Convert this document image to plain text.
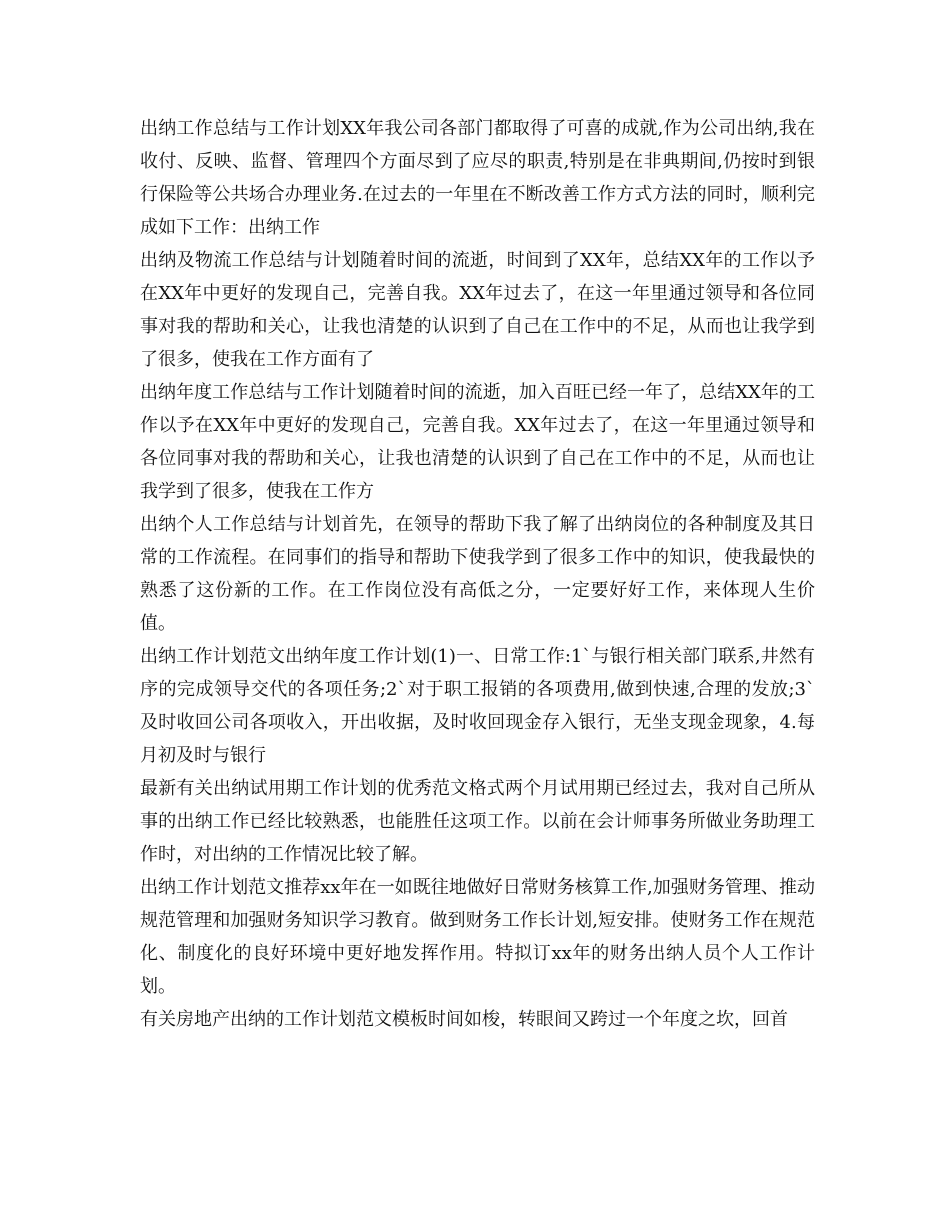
出纳工作总结与工作计划XX年我公司各部门都取得了可喜的成就,作为公司出纳,我在收付、反映、监督、管理四个方面尽到了应尽的职责,特别是在非典期间,仍按时到银行保险等公共场合办理业务.在过去的一年里在不断改善工作方式方法的同时，顺利完成如下工作：出纳工作

出纳及物流工作总结与计划随着时间的流逝，时间到了XX年，总结XX年的工作以予在XX年中更好的发现自己，完善自我。XX年过去了，在这一年里通过领导和各位同事对我的帮助和关心，让我也清楚的认识到了自己在工作中的不足，从而也让我学到了很多，使我在工作方面有了

出纳年度工作总结与工作计划随着时间的流逝，加入百旺已经一年了，总结XX年的工作以予在XX年中更好的发现自己，完善自我。XX年过去了，在这一年里通过领导和各位同事对我的帮助和关心，让我也清楚的认识到了自己在工作中的不足，从而也让我学到了很多，使我在工作方

出纳个人工作总结与计划首先，在领导的帮助下我了解了出纳岗位的各种制度及其日常的工作流程。在同事们的指导和帮助下使我学到了很多工作中的知识，使我最快的熟悉了这份新的工作。在工作岗位没有高低之分，一定要好好工作，来体现人生价值。

出纳工作计划范文出纳年度工作计划(1)一、日常工作:1`与银行相关部门联系,井然有序的完成领导交代的各项任务;2`对于职工报销的各项费用,做到快速,合理的发放;3`及时收回公司各项收入，开出收据，及时收回现金存入银行，无坐支现金现象，4.每月初及时与银行

最新有关出纳试用期工作计划的优秀范文格式两个月试用期已经过去，我对自己所从事的出纳工作已经比较熟悉，也能胜任这项工作。以前在会计师事务所做业务助理工作时，对出纳的工作情况比较了解。

出纳工作计划范文推荐xx年在一如既往地做好日常财务核算工作,加强财务管理、推动规范管理和加强财务知识学习教育。做到财务工作长计划,短安排。使财务工作在规范化、制度化的良好环境中更好地发挥作用。特拟订xx年的财务出纳人员个人工作计划。

有关房地产出纳的工作计划范文模板时间如梭，转眼间又跨过一个年度之坎，回首
